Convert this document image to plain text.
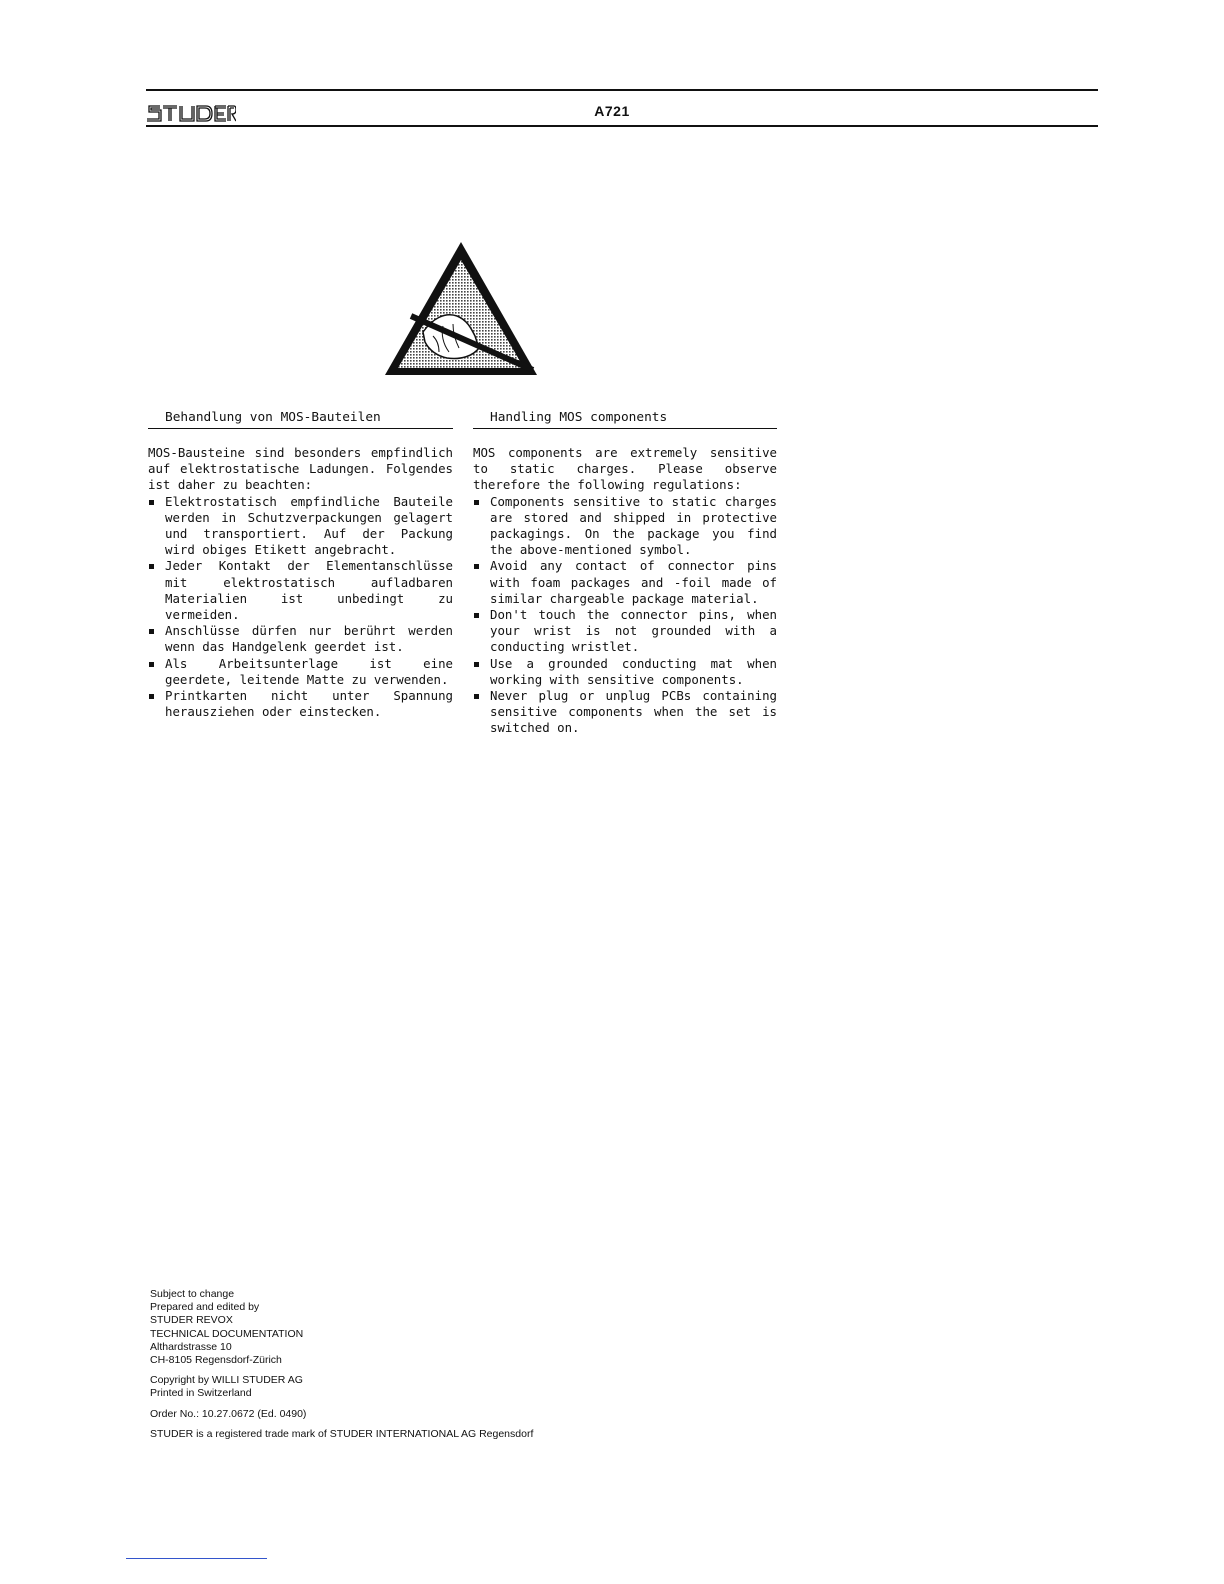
A721
Behandlung von MOS-Bauteilen
MOS-Bausteine sind besonders empfindlich auf elektrostatische Ladungen. Folgendes ist daher zu beachten:
Elektrostatisch empfindliche Bauteile werden in Schutzverpackungen gelagert und transportiert. Auf der Packung wird obiges Etikett angebracht.
Jeder Kontakt der Elementanschlüsse mit elektrostatisch aufladbaren Materialien ist unbedingt zu vermeiden.
Anschlüsse dürfen nur berührt werden wenn das Handgelenk geerdet ist.
Als Arbeitsunterlage ist eine geerdete, leitende Matte zu verwenden.
Printkarten nicht unter Spannung herausziehen oder einstecken.
Handling MOS components
MOS components are extremely sensitive to static charges. Please observe therefore the following regulations:
Components sensitive to static charges are stored and shipped in protective packagings. On the package you find the above-mentioned symbol.
Avoid any contact of connector pins with foam packages and -foil made of similar chargeable package material.
Don't touch the connector pins, when your wrist is not grounded with a conducting wristlet.
Use a grounded conducting mat when working with sensitive components.
Never plug or unplug PCBs containing sensitive components when the set is switched on.
Subject to change
Prepared and edited by
STUDER REVOX
TECHNICAL DOCUMENTATION
Althardstrasse 10
CH-8105 Regensdorf-Zürich
Copyright by WILLI STUDER AG
Printed in Switzerland
Order No.: 10.27.0672 (Ed. 0490)
STUDER is a registered trade mark of STUDER INTERNATIONAL AG Regensdorf
